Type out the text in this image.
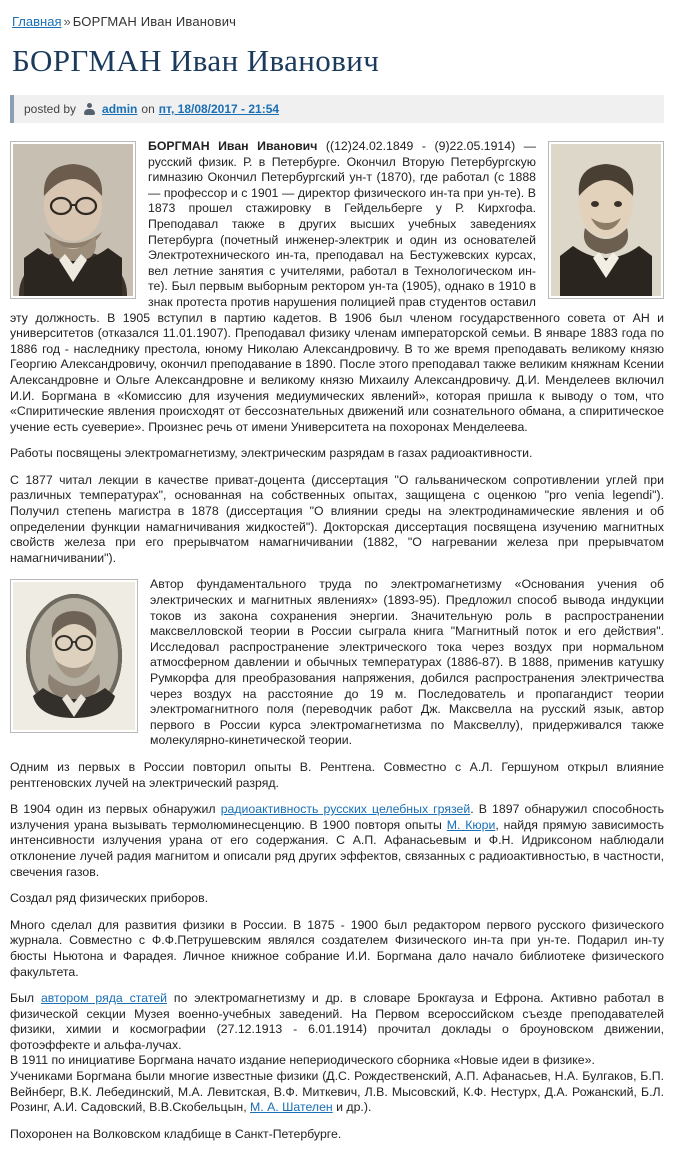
Главная » БОРГМАН Иван Иванович
БОРГМАН Иван Иванович
posted by admin on пт, 18/08/2017 - 21:54

БОРГМАН Иван Иванович ((12)24.02.1849 - (9)22.05.1914) — русский физик. Р. в Петербурге. Окончил Вторую Петербургскую гимназию Окончил Петербургский ун-т (1870), где работал (с 1888 — профессор и с 1901 — директор физического ин-та при ун-те). В 1873 прошел стажировку в Гейдельберге у Р. Кирхгофа. Преподавал также в других высших учебных заведениях Петербурга (почетный инженер-электрик и один из основателей Электротехнического ин-та, преподавал на Бестужевских курсах, вел летние занятия с учителями, работал в Технологическом ин-те). Был первым выборным ректором ун-та (1905), однако в 1910 в знак протеста против нарушения полицией прав студентов оставил эту должность. В 1905 вступил в партию кадетов. В 1906 был членом государственного совета от АН и университетов (отказался 11.01.1907). Преподавал физику членам императорской семьи. В январе 1883 года по 1886 год - наследнику престола, юному Николаю Александровичу. В то же время преподавать великому князю Георгию Александровичу, окончил преподавание в 1890. После этого преподавал также великим княжнам Ксении Александровне и Ольге Александровне и великому князю Михаилу Александровичу. Д.И. Менделеев включил И.И. Боргмана в «Комиссию для изучения медиумических явлений», которая пришла к выводу о том, что «Спиритические явления происходят от бессознательных движений или сознательного обмана, а спиритическое учение есть суеверие». Произнес речь от имени Университета на похоронах Менделеева.

Работы посвящены электромагнетизму, электрическим разрядам в газах радиоактивности.

С 1877 читал лекции в качестве приват-доцента (диссертация "О гальваническом сопротивлении углей при различных температурах", основанная на собственных опытах, защищена с оценкою "pro venia legendi"). Получил степень магистра в 1878 (диссертация "О влиянии среды на электродинамические явления и об определении функции намагничивания жидкостей"). Докторская диссертация посвящена изучению магнитных свойств железа при его прерывчатом намагничивании (1882, "О нагревании железа при прерывчатом намагничивании").

Автор фундаментального труда по электромагнетизму «Основания учения об электрических и магнитных явлениях» (1893-95). Предложил способ вывода индукции токов из закона сохранения энергии. Значительную роль в распространении максвелловской теории в России сыграла книга "Магнитный поток и его действия". Исследовал распространение электрического тока через воздух при нормальном атмосферном давлении и обычных температурах (1886-87). В 1888, применив катушку Румкорфа для преобразования напряжения, добился распространения электричества через воздух на расстояние до 19 м. Последователь и пропагандист теории электромагнитного поля (переводчик работ Дж. Максвелла на русский язык, автор первого в России курса электромагнетизма по Максвеллу), придерживался также молекулярно-кинетической теории.

Одним из первых в России повторил опыты В. Рентгена. Совместно с А.Л. Гершуном открыл влияние рентгеновских лучей на электрический разряд.

В 1904 один из первых обнаружил радиоактивность русских целебных грязей. В 1897 обнаружил способность излучения урана вызывать термолюминесценцию. В 1900 повторя опыты М. Кюри, найдя прямую зависимость интенсивности излучения урана от его содержания. С А.П. Афанасьевым и Ф.Н. Идриксоном наблюдали отклонение лучей радия магнитом и описали ряд других эффектов, связанных с радиоактивностью, в частности, свечения газов.

Создал ряд физических приборов.

Много сделал для развития физики в России. В 1875 - 1900 был редактором первого русского физического журнала. Совместно с Ф.Ф.Петрушевским являлся создателем Физического ин-та при ун-те. Подарил ин-ту бюсты Ньютона и Фарадея. Личное книжное собрание И.И. Боргмана дало начало библиотеке физического факультета.

Был автором ряда статей по электромагнетизму и др. в словаре Брокгауза и Ефрона. Активно работал в физической секции Музея военно-учебных заведений. На Первом всероссийском съезде преподавателей физики, химии и космографии (27.12.1913 - 6.01.1914) прочитал доклады о броуновском движении, фотоэффекте и альфа-лучах.

В 1911 по инициативе Боргмана начато издание непериодического сборника «Новые идеи в физике».

Учениками Боргмана были многие известные физики (Д.С. Рождественский, А.П. Афанасьев, Н.А. Булгаков, Б.П. Вейнберг, В.К. Лебединский, М.А. Левитская, В.Ф. Миткевич, Л.В. Мысовский, К.Ф. Нестурх, Д.А. Рожанский, Б.Л. Розинг, А.И. Садовский, В.В.Скобельцын, М. А. Шателен и др.).

Похоронен на Волковском кладбище в Санкт-Петербурге.
